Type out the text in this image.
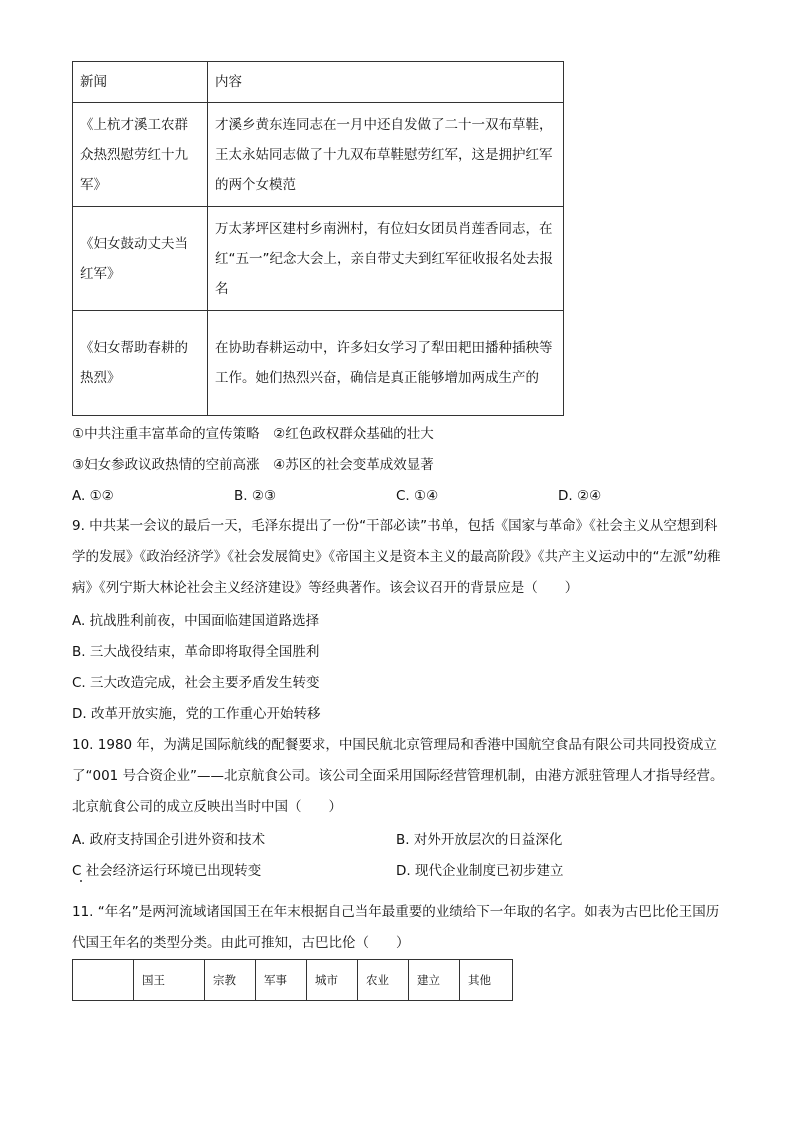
新闻	内容
《上杭才溪工农群众热烈慰劳红十九军》	才溪乡黄东连同志在一月中还自发做了二十一双布草鞋，王太永姑同志做了十九双布草鞋慰劳红军，这是拥护红军的两个女模范
《妇女鼓动丈夫当红军》	万太茅坪区建村乡南洲村，有位妇女团员肖莲香同志，在红“五一”纪念大会上，亲自带丈夫到红军征收报名处去报名
《妇女帮助春耕的热烈》	在协助春耕运动中，许多妇女学习了犁田耙田播种插秧等工作。她们热烈兴奋，确信是真正能够增加两成生产的
①中共注重丰富革命的宣传策略　②红色政权群众基础的壮大
③妇女参政议政热情的空前高涨　④苏区的社会变革成效显著
A. ①②	B. ②③	C. ①④	D. ②④
9. 中共某一会议的最后一天，毛泽东提出了一份“干部必读”书单，包括《国家与革命》《社会主义从空想到科学的发展》《政治经济学》《社会发展简史》《帝国主义是资本主义的最高阶段》《共产主义运动中的“左派”幼稚病》《列宁斯大林论社会主义经济建设》等经典著作。该会议召开的背景应是（　　）
A. 抗战胜利前夜，中国面临建国道路选择
B. 三大战役结束，革命即将取得全国胜利
C. 三大改造完成，社会主要矛盾发生转变
D. 改革开放实施，党的工作重心开始转移
10. 1980 年，为满足国际航线的配餐要求，中国民航北京管理局和香港中国航空食品有限公司共同投资成立了“001 号合资企业”——北京航食公司。该公司全面采用国际经营管理机制，由港方派驻管理人才指导经营。北京航食公司的成立反映出当时中国（　　）
A. 政府支持国企引进外资和技术	B. 对外开放层次的日益深化
C 社会经济运行环境已出现转变	D. 现代企业制度已初步建立
11. “年名”是两河流域诸国国王在年末根据自己当年最重要的业绩给下一年取的名字。如表为古巴比伦王国历代国王年名的类型分类。由此可推知，古巴比伦（　　）
	国王	宗教	军事	城市	农业	建立	其他
